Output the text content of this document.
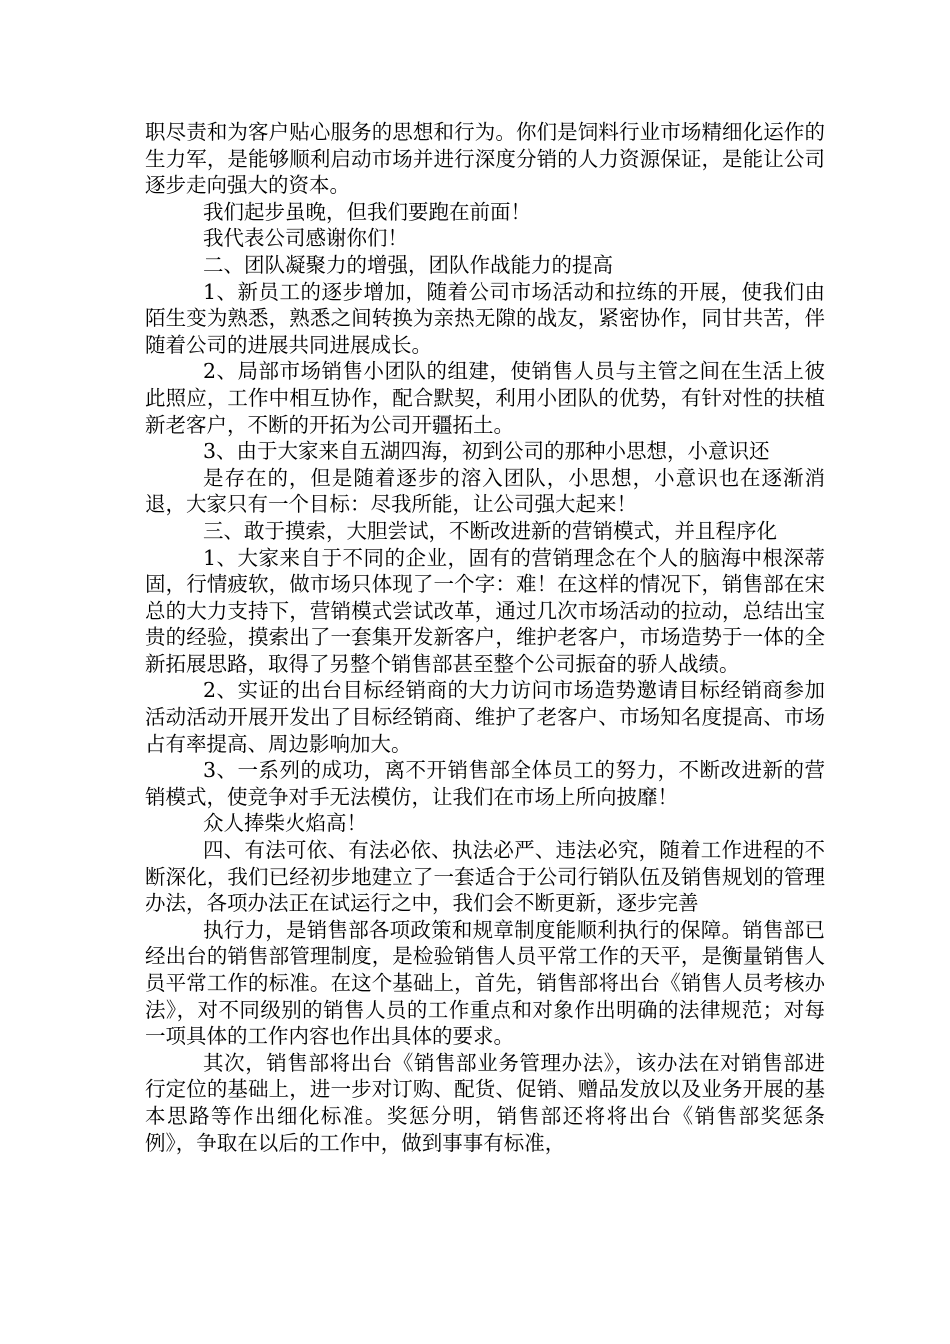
职尽责和为客户贴心服务的思想和行为。你们是饲料行业市场精细化运作的生力军，是能够顺利启动市场并进行深度分销的人力资源保证，是能让公司逐步走向强大的资本。

我们起步虽晚，但我们要跑在前面！

我代表公司感谢你们！

二、团队凝聚力的增强，团队作战能力的提高

1、新员工的逐步增加，随着公司市场活动和拉练的开展，使我们由陌生变为熟悉，熟悉之间转换为亲热无隙的战友，紧密协作，同甘共苦，伴随着公司的进展共同进展成长。

2、局部市场销售小团队的组建，使销售人员与主管之间在生活上彼此照应，工作中相互协作，配合默契，利用小团队的优势，有针对性的扶植新老客户，不断的开拓为公司开疆拓土。

3、由于大家来自五湖四海，初到公司的那种小思想，小意识还

是存在的，但是随着逐步的溶入团队，小思想，小意识也在逐渐消退，大家只有一个目标：尽我所能，让公司强大起来！

三、敢于摸索，大胆尝试，不断改进新的营销模式，并且程序化

1、大家来自于不同的企业，固有的营销理念在个人的脑海中根深蒂固，行情疲软，做市场只体现了一个字：难！在这样的情况下，销售部在宋总的大力支持下，营销模式尝试改革，通过几次市场活动的拉动，总结出宝贵的经验，摸索出了一套集开发新客户，维护老客户，市场造势于一体的全新拓展思路，取得了另整个销售部甚至整个公司振奋的骄人战绩。

2、实证的出台目标经销商的大力访问市场造势邀请目标经销商参加活动活动开展开发出了目标经销商、维护了老客户、市场知名度提高、市场占有率提高、周边影响加大。

3、一系列的成功，离不开销售部全体员工的努力，不断改进新的营销模式，使竞争对手无法模仿，让我们在市场上所向披靡！

众人捧柴火焰高！

四、有法可依、有法必依、执法必严、违法必究，随着工作进程的不断深化，我们已经初步地建立了一套适合于公司行销队伍及销售规划的管理办法，各项办法正在试运行之中，我们会不断更新，逐步完善

执行力，是销售部各项政策和规章制度能顺利执行的保障。销售部已经出台的销售部管理制度，是检验销售人员平常工作的天平，是衡量销售人员平常工作的标准。在这个基础上，首先，销售部将出台《销售人员考核办法》，对不同级别的销售人员的工作重点和对象作出明确的法律规范；对每一项具体的工作内容也作出具体的要求。

其次，销售部将出台《销售部业务管理办法》，该办法在对销售部进行定位的基础上，进一步对订购、配货、促销、赠品发放以及业务开展的基本思路等作出细化标准。奖惩分明，销售部还将将出台《销售部奖惩条例》，争取在以后的工作中，做到事事有标准，
